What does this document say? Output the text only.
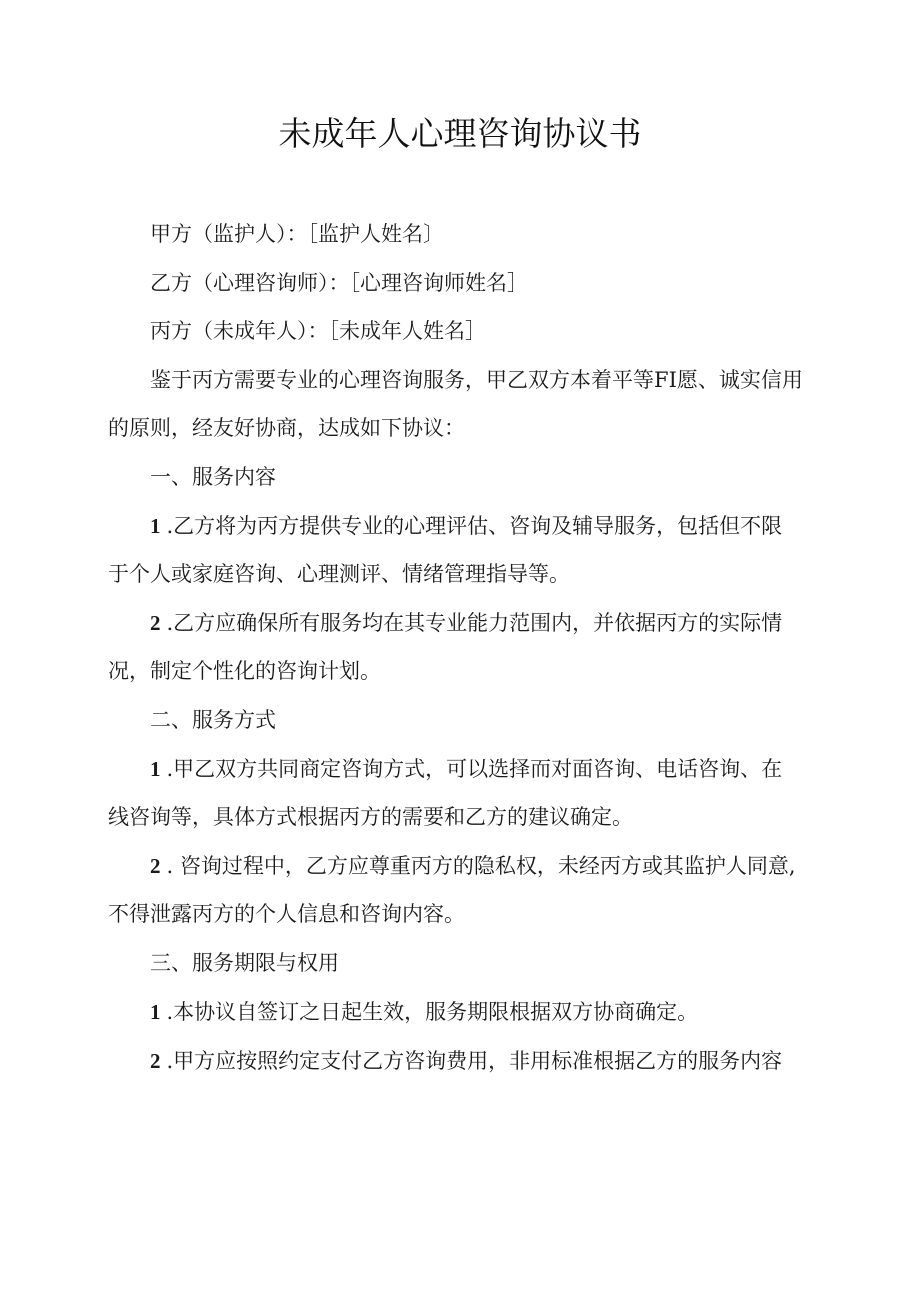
未成年人心理咨询协议书
甲方（监护人）：［监护人姓名〕
乙方（心理咨询师）：［心理咨询师姓名］
丙方（未成年人）：［未成年人姓名］
鉴于丙方需要专业的心理咨询服务，甲乙双方本着平等FI愿、诚实信用
的原则，经友好协商，达成如下协议：
一、服务内容
1 .乙方将为丙方提供专业的心理评估、咨询及辅导服务，包括但不限
于个人或家庭咨询、心理测评、情绪管理指导等。
2 .乙方应确保所有服务均在其专业能力范围内，并依据丙方的实际情
况，制定个性化的咨询计划。
二、服务方式
1 .甲乙双方共同商定咨询方式，可以选择而对面咨询、电话咨询、在
线咨询等，具体方式根据丙方的需要和乙方的建议确定。
2 . 咨询过程中，乙方应尊重丙方的隐私权，未经丙方或其监护人同意,
不得泄露丙方的个人信息和咨询内容。
三、服务期限与权用
1 .本协议自签订之日起生效，服务期限根据双方协商确定。
2 .甲方应按照约定支付乙方咨询费用，非用标准根据乙方的服务内容
